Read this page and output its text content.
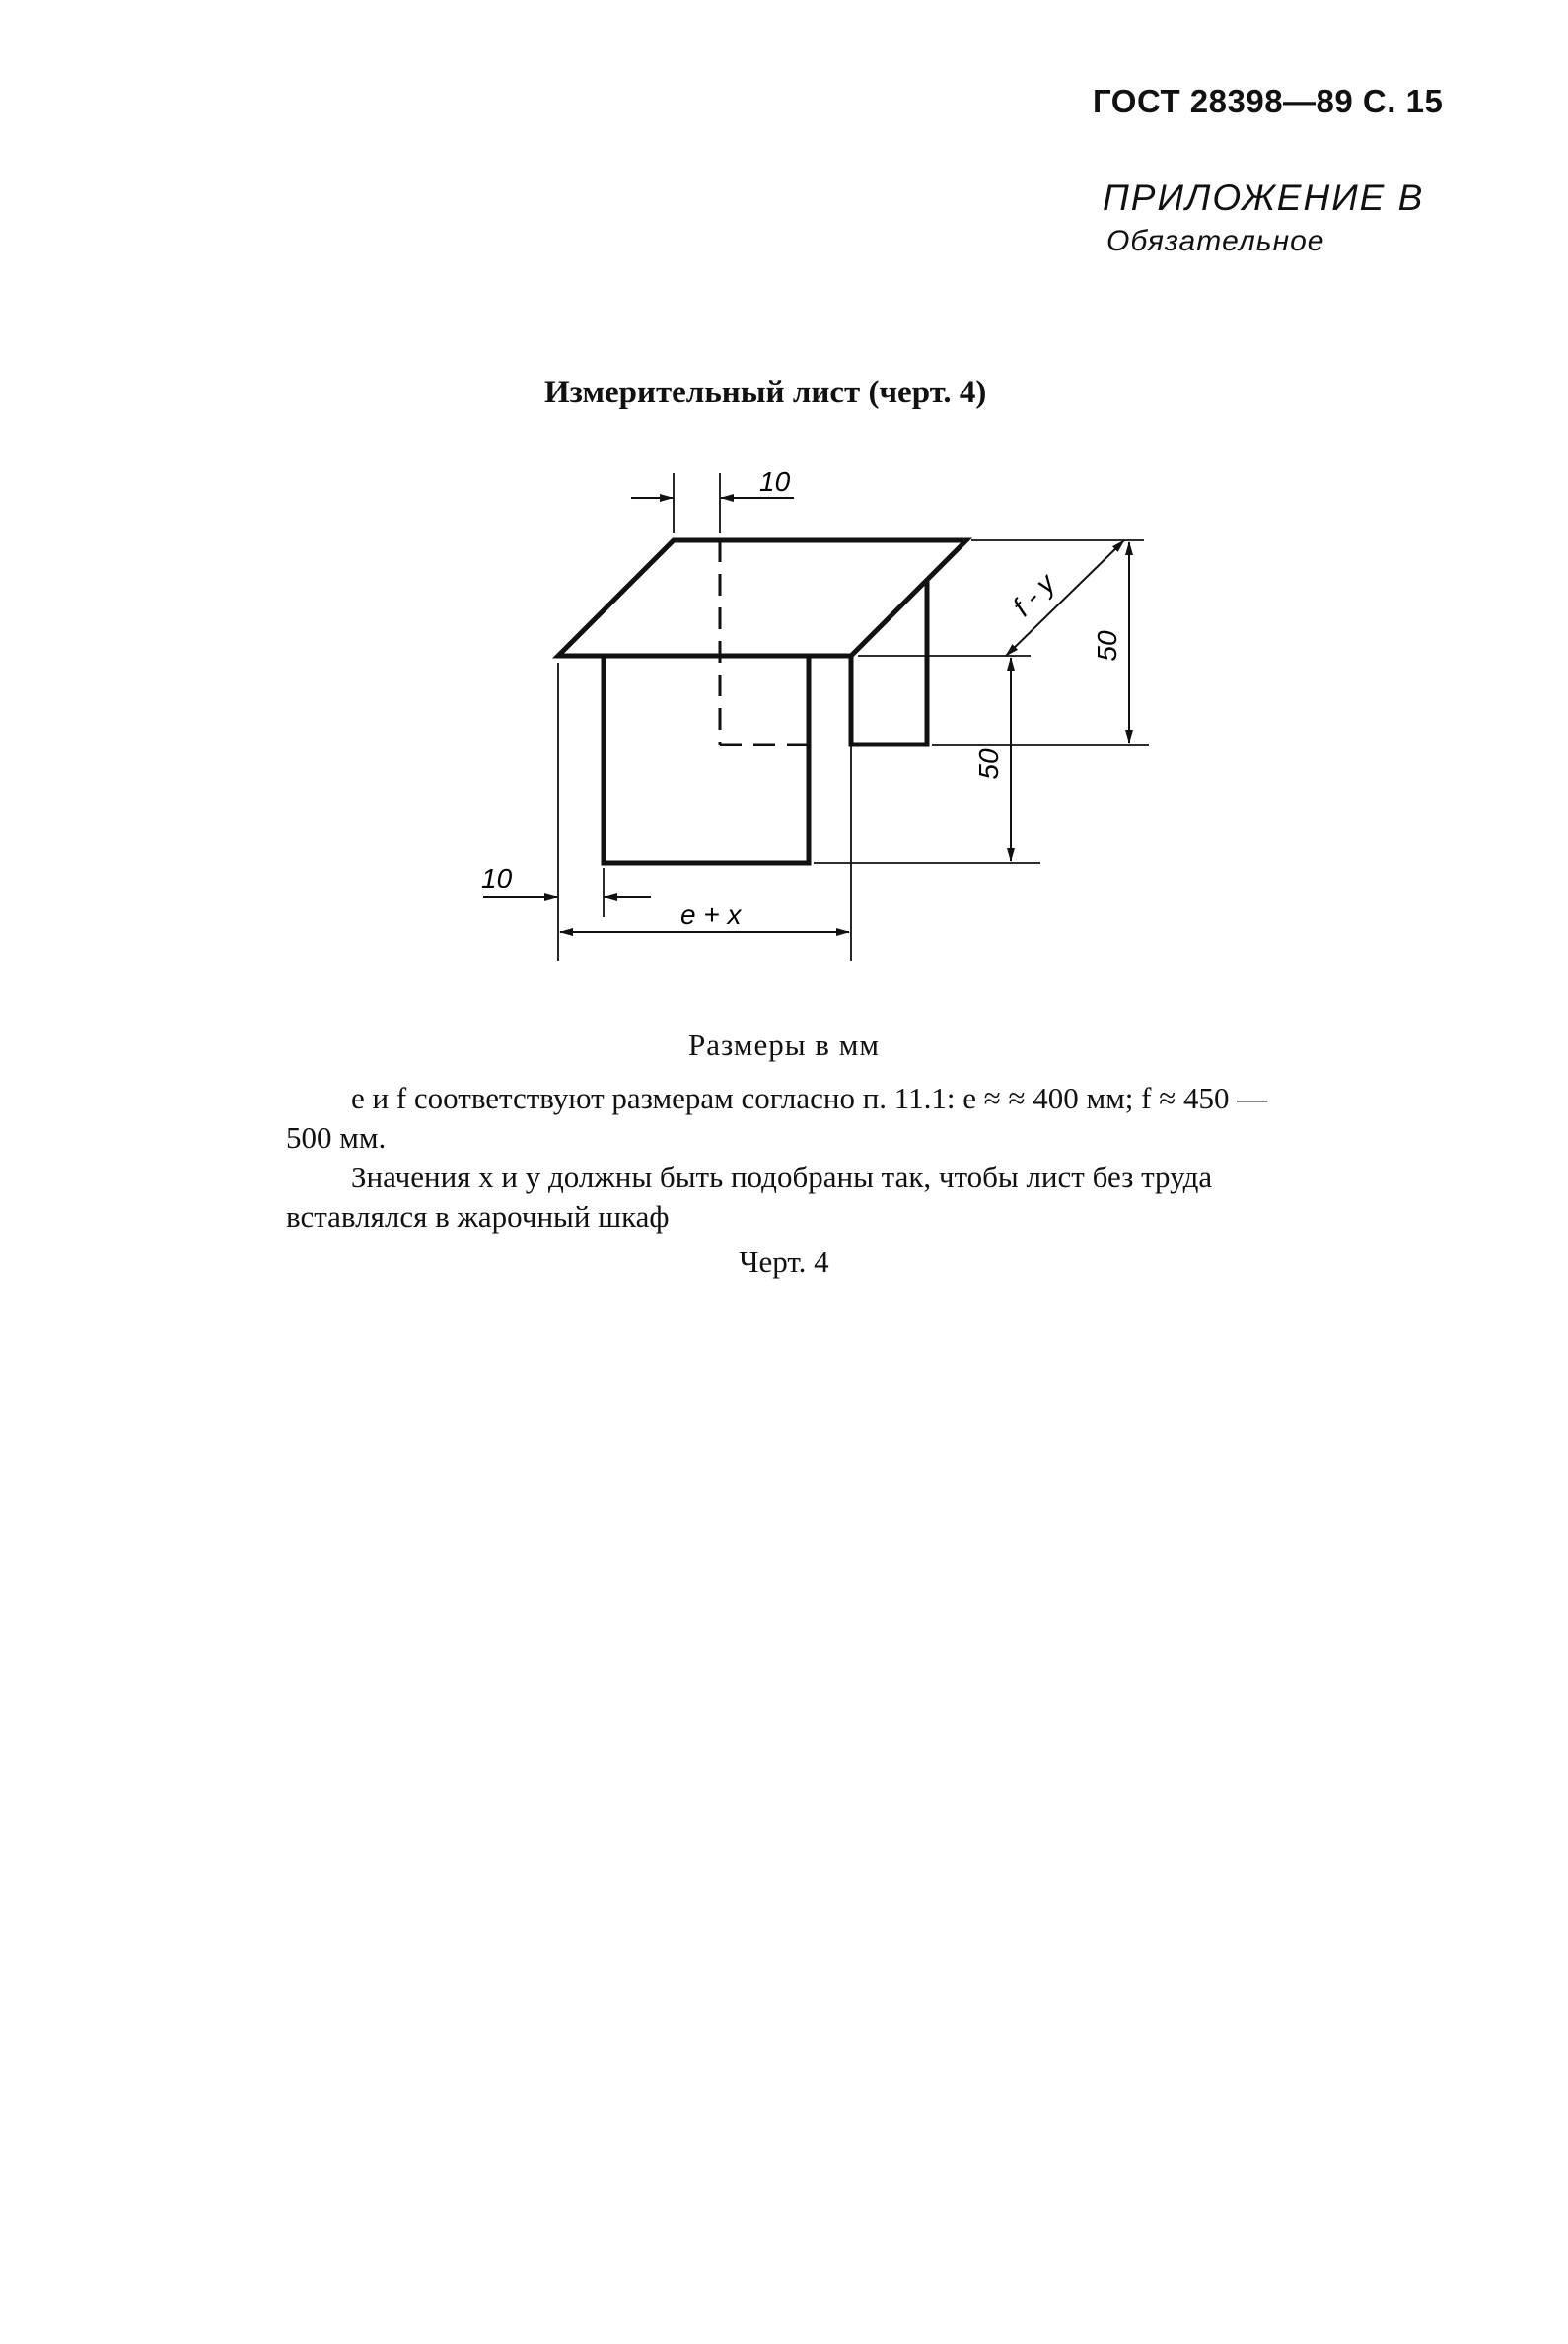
ГОСТ 28398—89 С. 15
ПРИЛОЖЕНИЕ В
Обязательное
Измерительный лист (черт. 4)
10
10
e + x
f - y
50
50
Размеры в мм
e и f соответствуют размерам согласно п. 11.1: e ≈ ≈ 400 мм; f ≈ 450 — 500 мм.
Значения x и y должны быть подобраны так, чтобы лист без труда вставлялся в жарочный шкаф
Черт. 4
